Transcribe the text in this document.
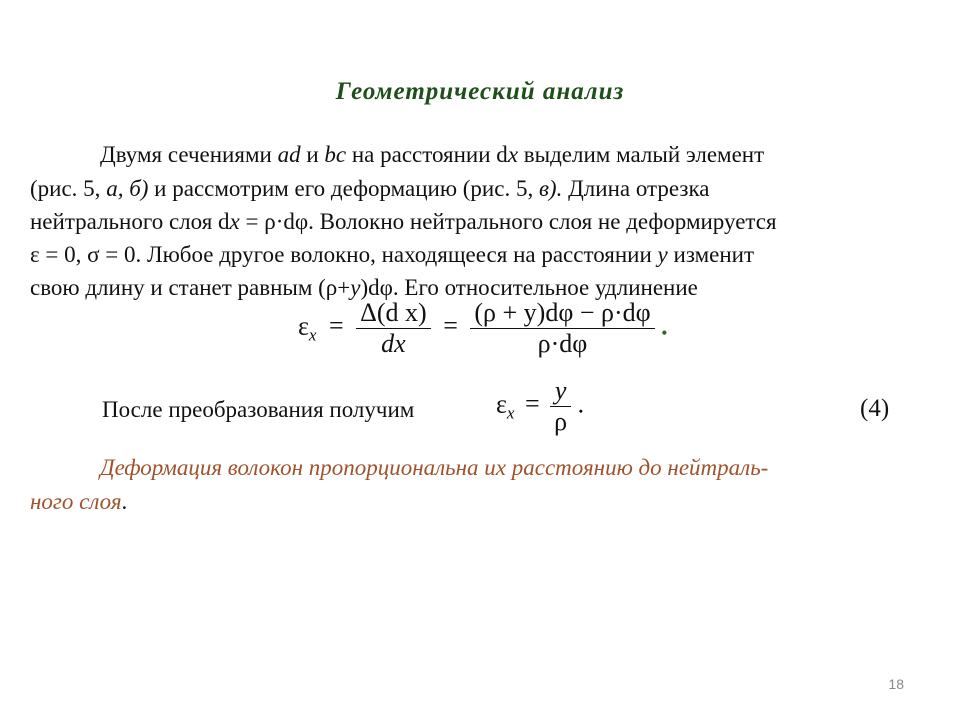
Геометрический анализ
Двумя сечениями ad и bc на расстоянии dx выделим малый элемент
(рис. 5, а, б) и рассмотрим его деформацию (рис. 5, в). Длина отрезка
нейтрального слоя dx = ρ·dφ. Волокно нейтрального слоя не деформируется
ε = 0, σ = 0. Любое другое волокно, находящееся на расстоянии y изменит
свою длину и станет равным (ρ+y)dφ. Его относительное удлинение
$\varepsilon_x = \frac{\text{Δ(d x)}}{dx} = \frac{(\rho + y)d\varphi - \rho\cdot d\varphi}{\rho\cdot d\varphi}$ .
После преобразования получим	$\varepsilon_x = \frac{y}{\rho}$ .	(4)
Деформация волокон пропорциональна их расстоянию до нейтраль-
ного слоя.
18
